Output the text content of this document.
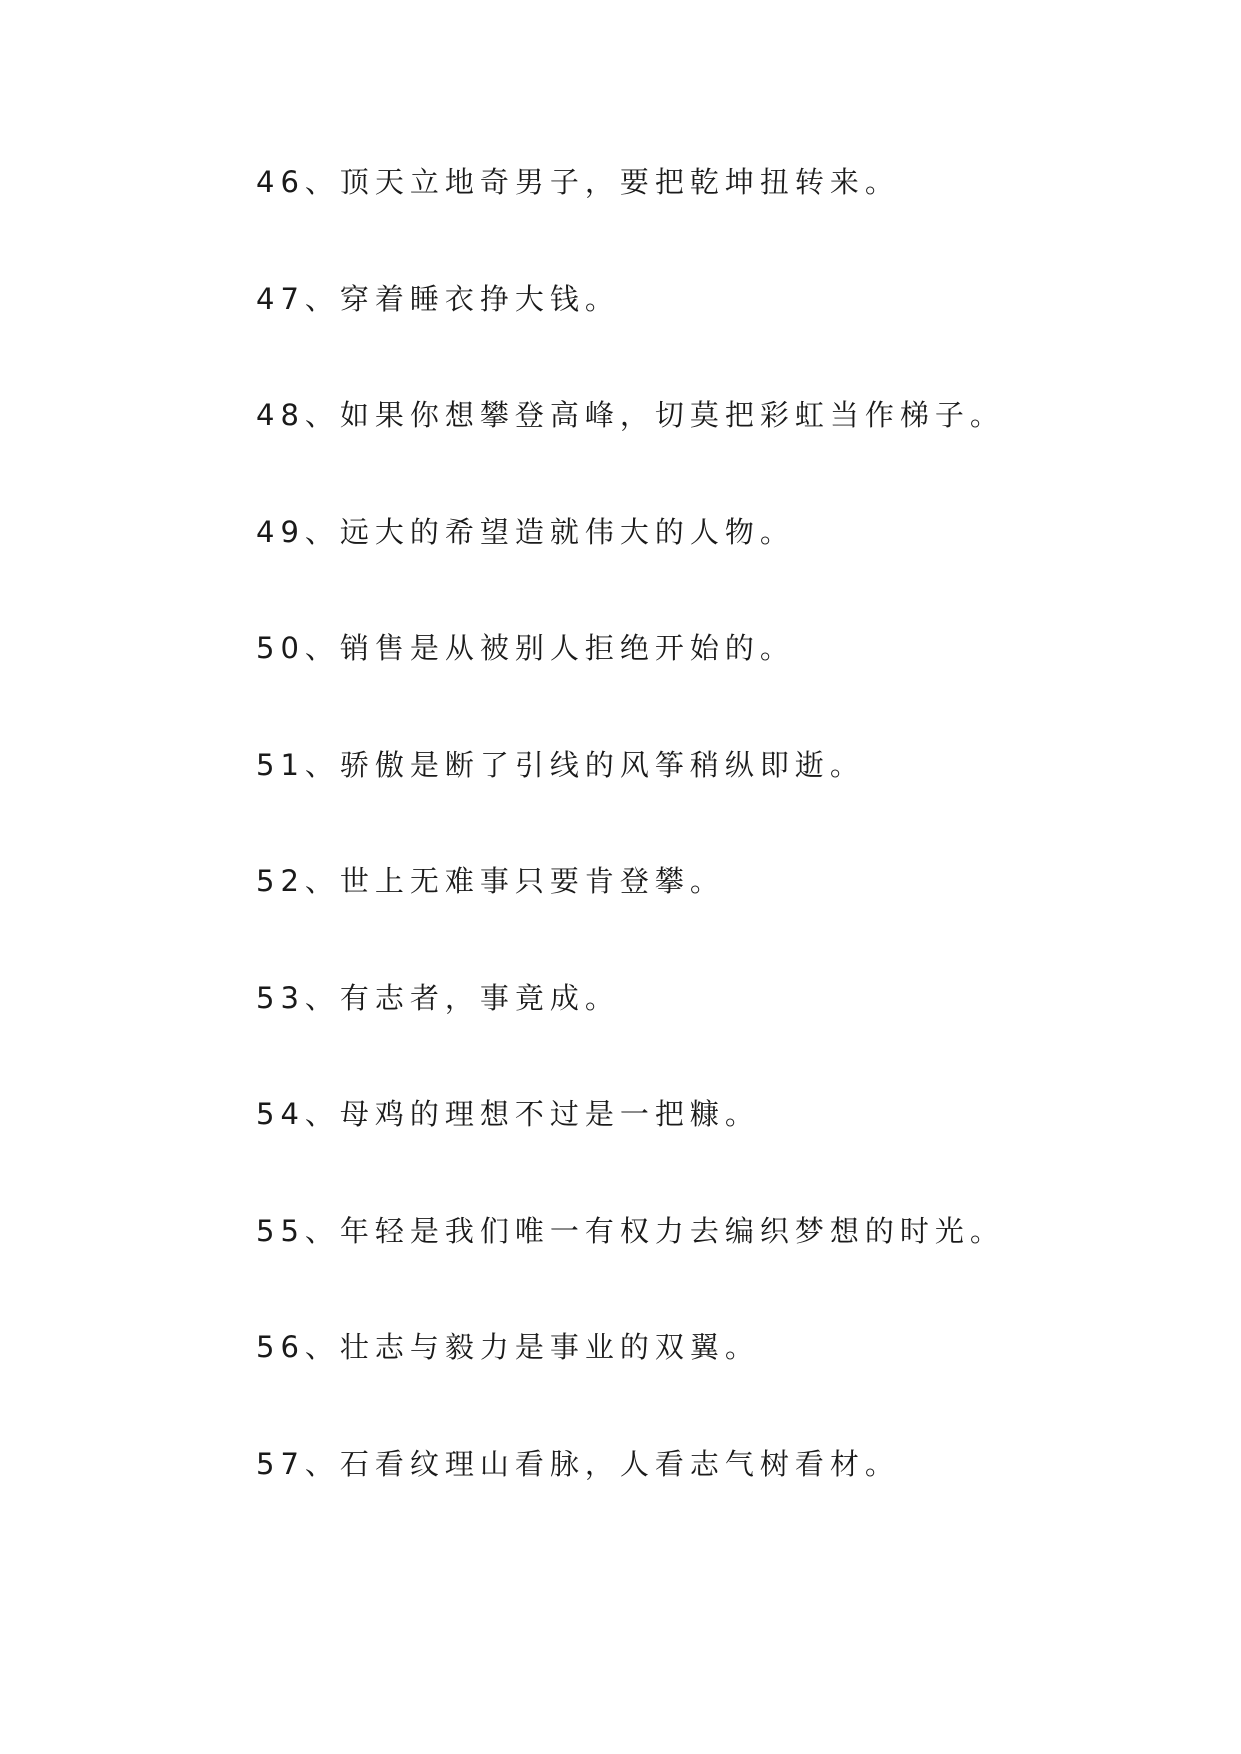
46、顶天立地奇男子，要把乾坤扭转来。
47、穿着睡衣挣大钱。
48、如果你想攀登高峰，切莫把彩虹当作梯子。
49、远大的希望造就伟大的人物。
50、销售是从被别人拒绝开始的。
51、骄傲是断了引线的风筝稍纵即逝。
52、世上无难事只要肯登攀。
53、有志者，事竟成。
54、母鸡的理想不过是一把糠。
55、年轻是我们唯一有权力去编织梦想的时光。
56、壮志与毅力是事业的双翼。
57、石看纹理山看脉，人看志气树看材。
